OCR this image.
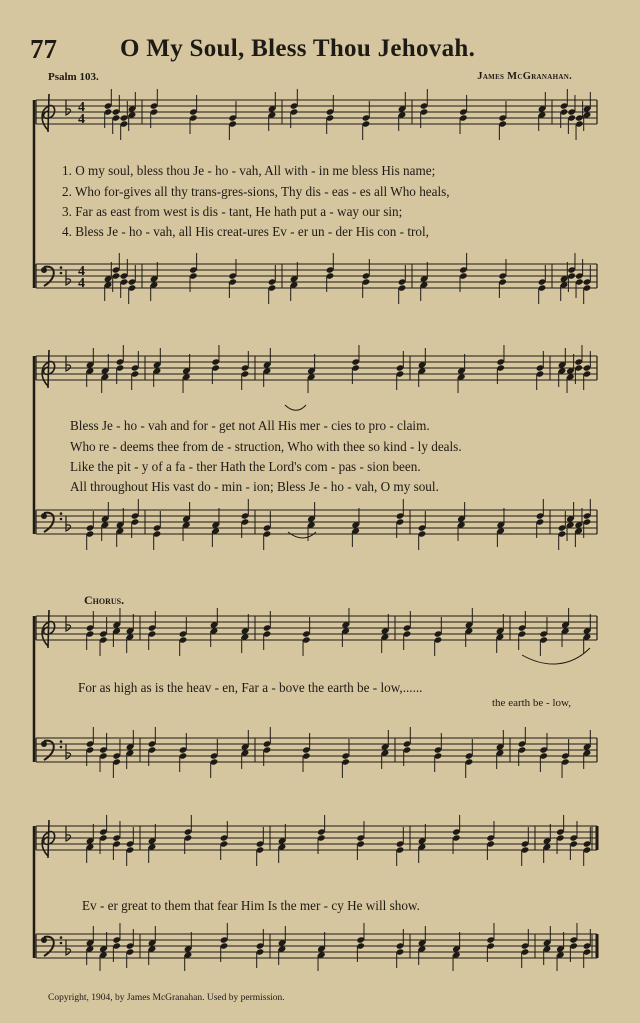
4
4
4
4
77	O My Soul, Bless Thou Jehovah.
Psalm 103.	James McGranahan.
1. O my soul, bless thou Je - ho - vah, All with - in me bless His name;
2. Who for-gives all thy trans-gres-sions, Thy dis - eas - es all Who heals,
3. Far as east from west is dis - tant, He hath put a - way our sin;
4. Bless Je - ho - vah, all His creat-ures Ev - er un - der His con - trol,
Bless Je - ho - vah and for - get not All His mer - cies to pro - claim.
Who re - deems thee from de - struction, Who with thee so kind - ly deals.
Like the pit - y of a fa - ther Hath the Lord's com - pas - sion been.
All throughout His vast do - min - ion; Bless Je - ho - vah, O my soul.
Chorus.
For as high as is the heav - en, Far a - bove the earth be - low,......
the earth be - low,
Ev - er great to them that fear Him Is the mer - cy He will show.
Copyright, 1904, by James McGranahan. Used by permission.
